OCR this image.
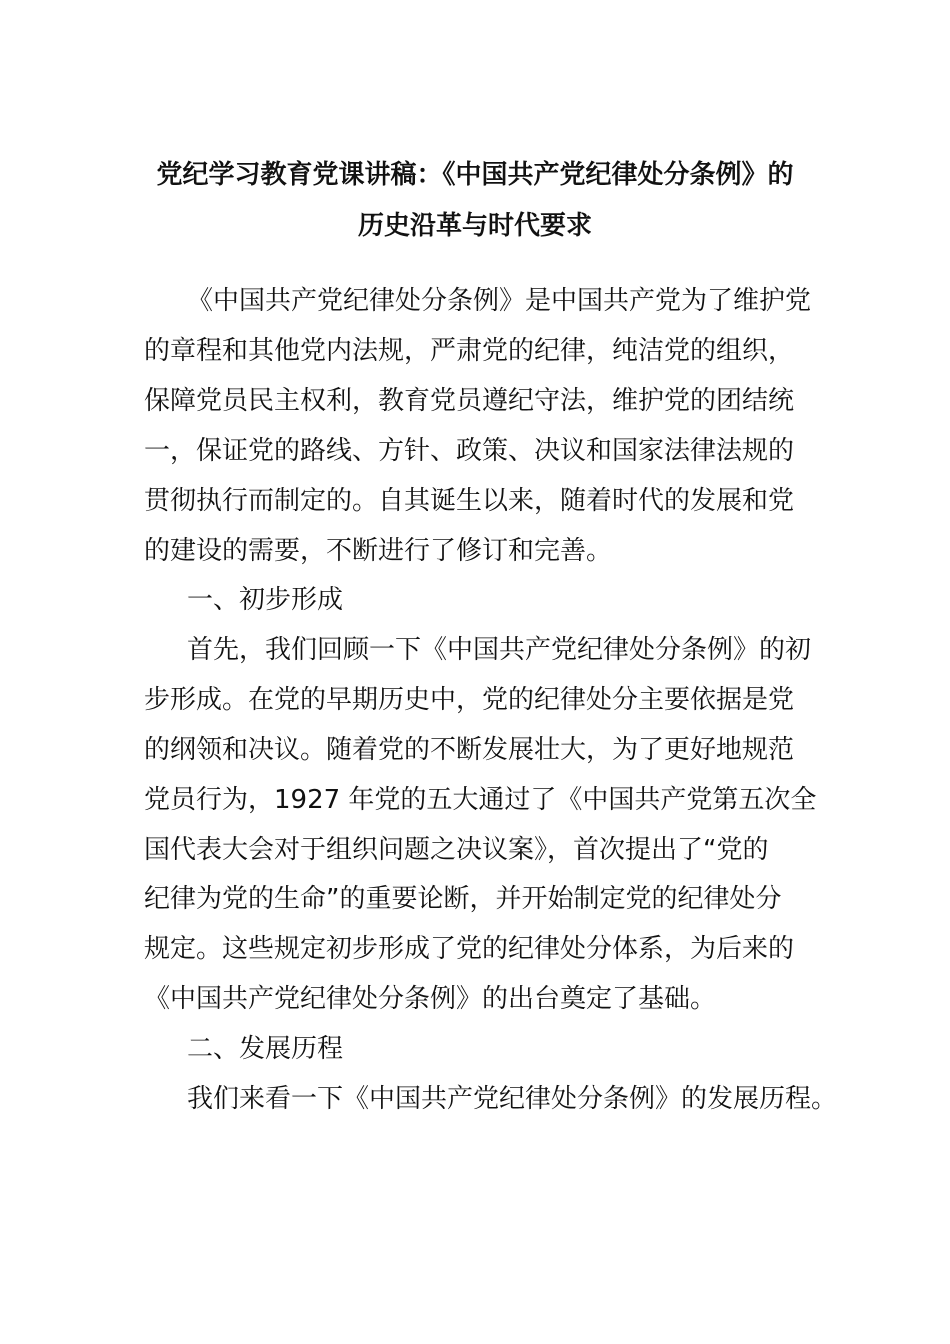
党纪学习教育党课讲稿：《中国共产党纪律处分条例》的
历史沿革与时代要求
《中国共产党纪律处分条例》是中国共产党为了维护党
的章程和其他党内法规，严肃党的纪律，纯洁党的组织，
保障党员民主权利，教育党员遵纪守法，维护党的团结统
一，保证党的路线、方针、政策、决议和国家法律法规的
贯彻执行而制定的。自其诞生以来，随着时代的发展和党
的建设的需要，不断进行了修订和完善。
一、初步形成
首先，我们回顾一下《中国共产党纪律处分条例》的初
步形成。在党的早期历史中，党的纪律处分主要依据是党
的纲领和决议。随着党的不断发展壮大，为了更好地规范
党员行为，1927 年党的五大通过了《中国共产党第五次全
国代表大会对于组织问题之决议案》，首次提出了“党的
纪律为党的生命”的重要论断，并开始制定党的纪律处分
规定。这些规定初步形成了党的纪律处分体系，为后来的
《中国共产党纪律处分条例》的出台奠定了基础。
二、发展历程
我们来看一下《中国共产党纪律处分条例》的发展历程。
